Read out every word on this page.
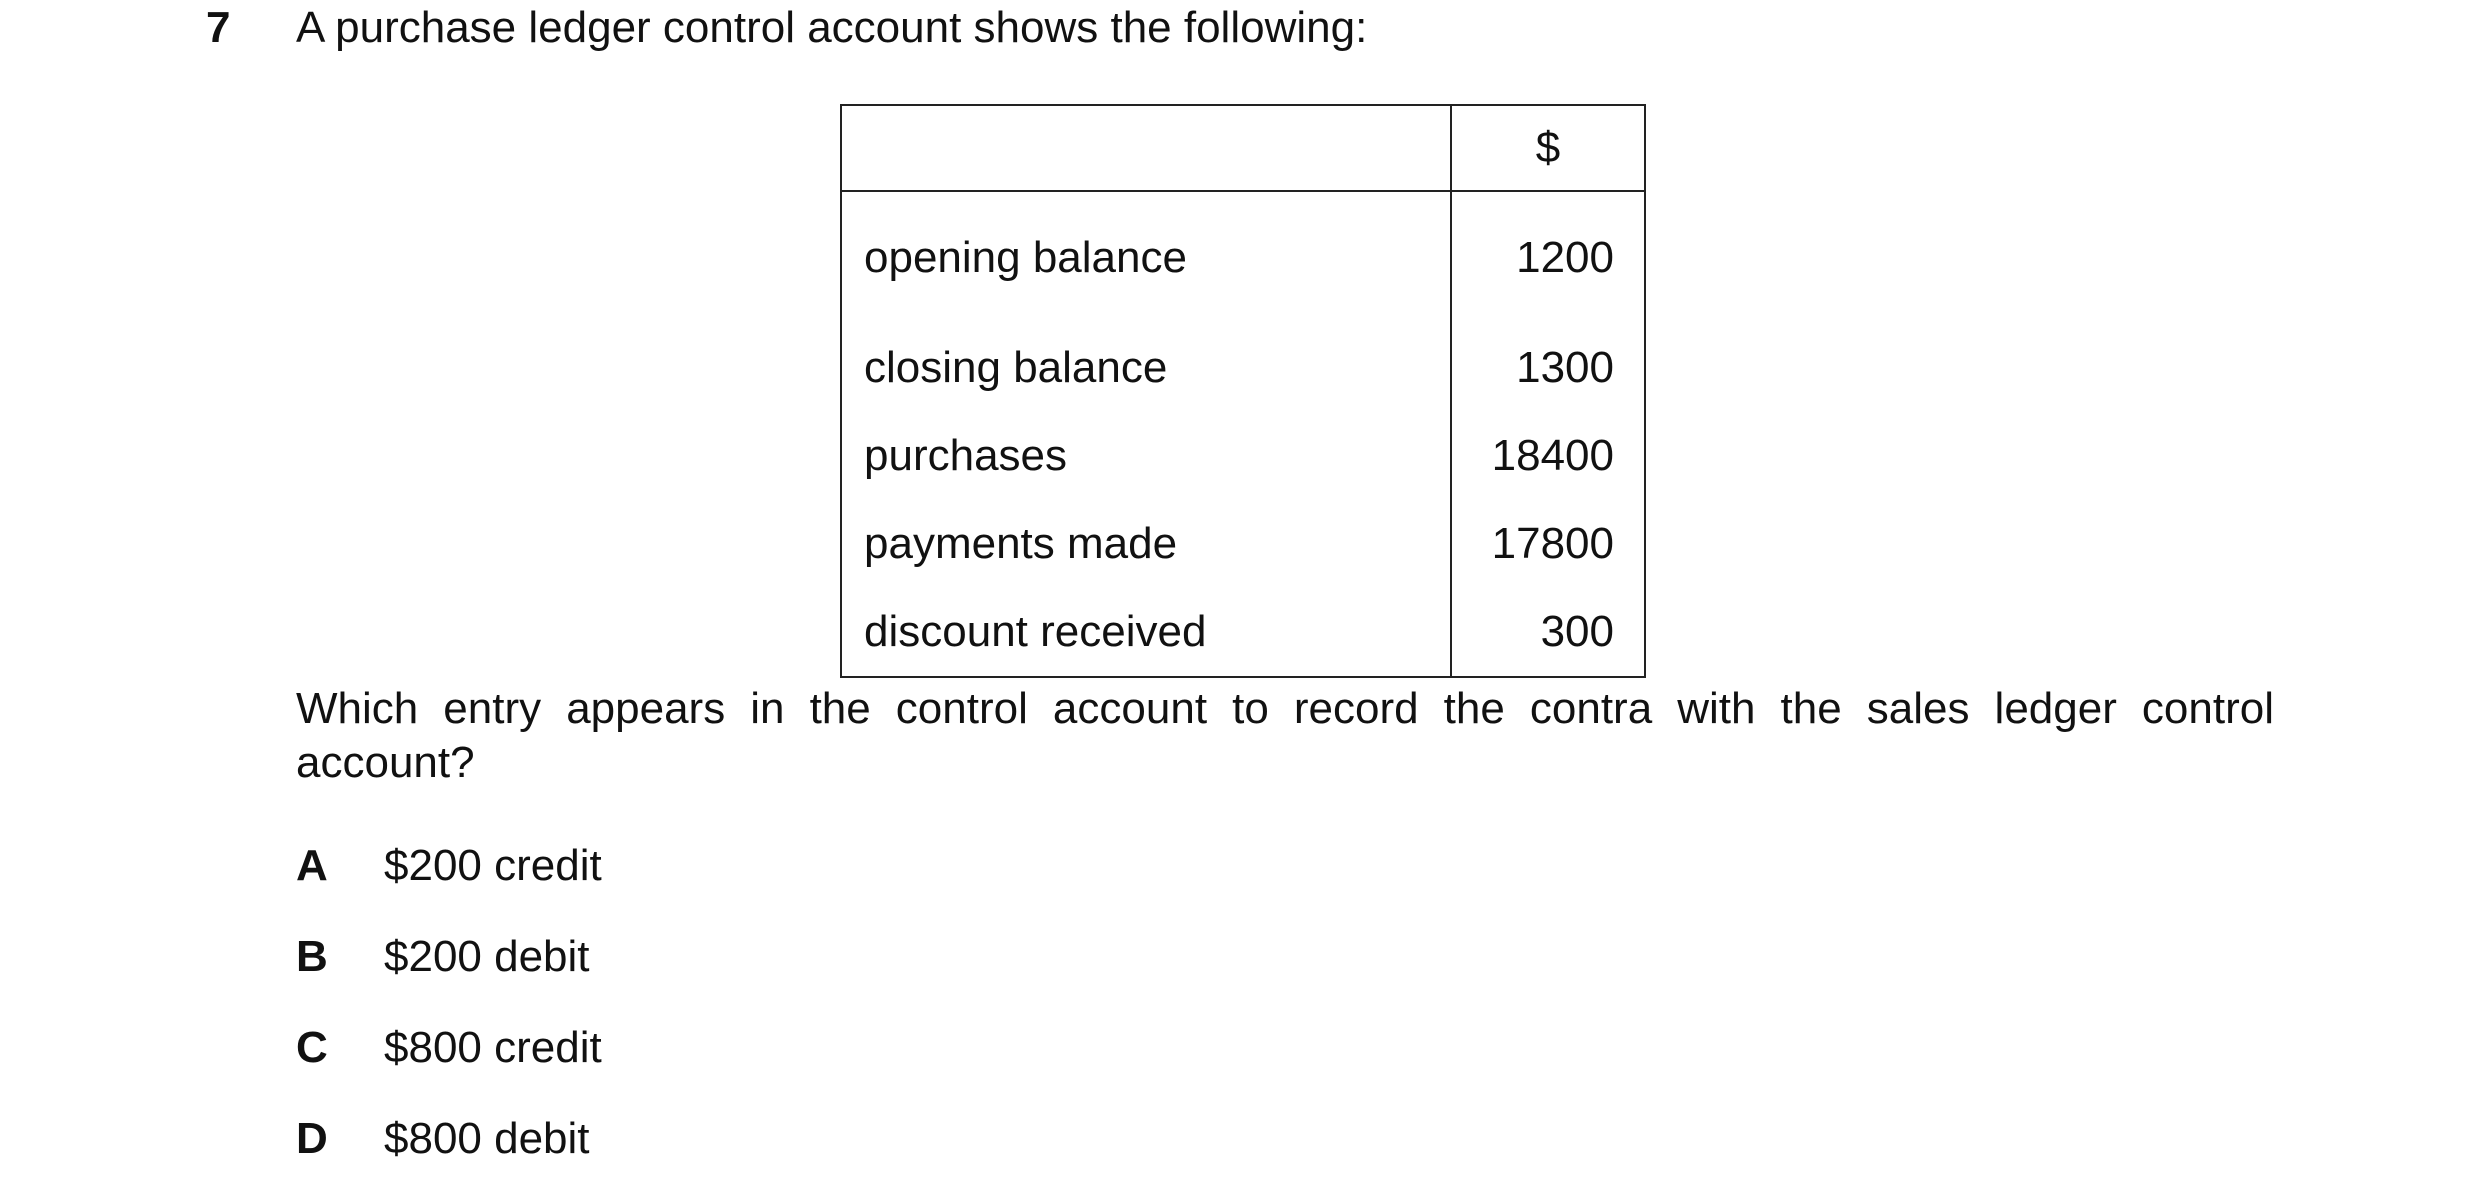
7 A purchase ledger control account shows the following:
	$
opening balance	1200
closing balance	1300
purchases	18400
payments made	17800
discount received	300
Which entry appears in the control account to record the contra with the sales ledger control
account?
A $200 credit
B $200 debit
C $800 credit
D $800 debit
